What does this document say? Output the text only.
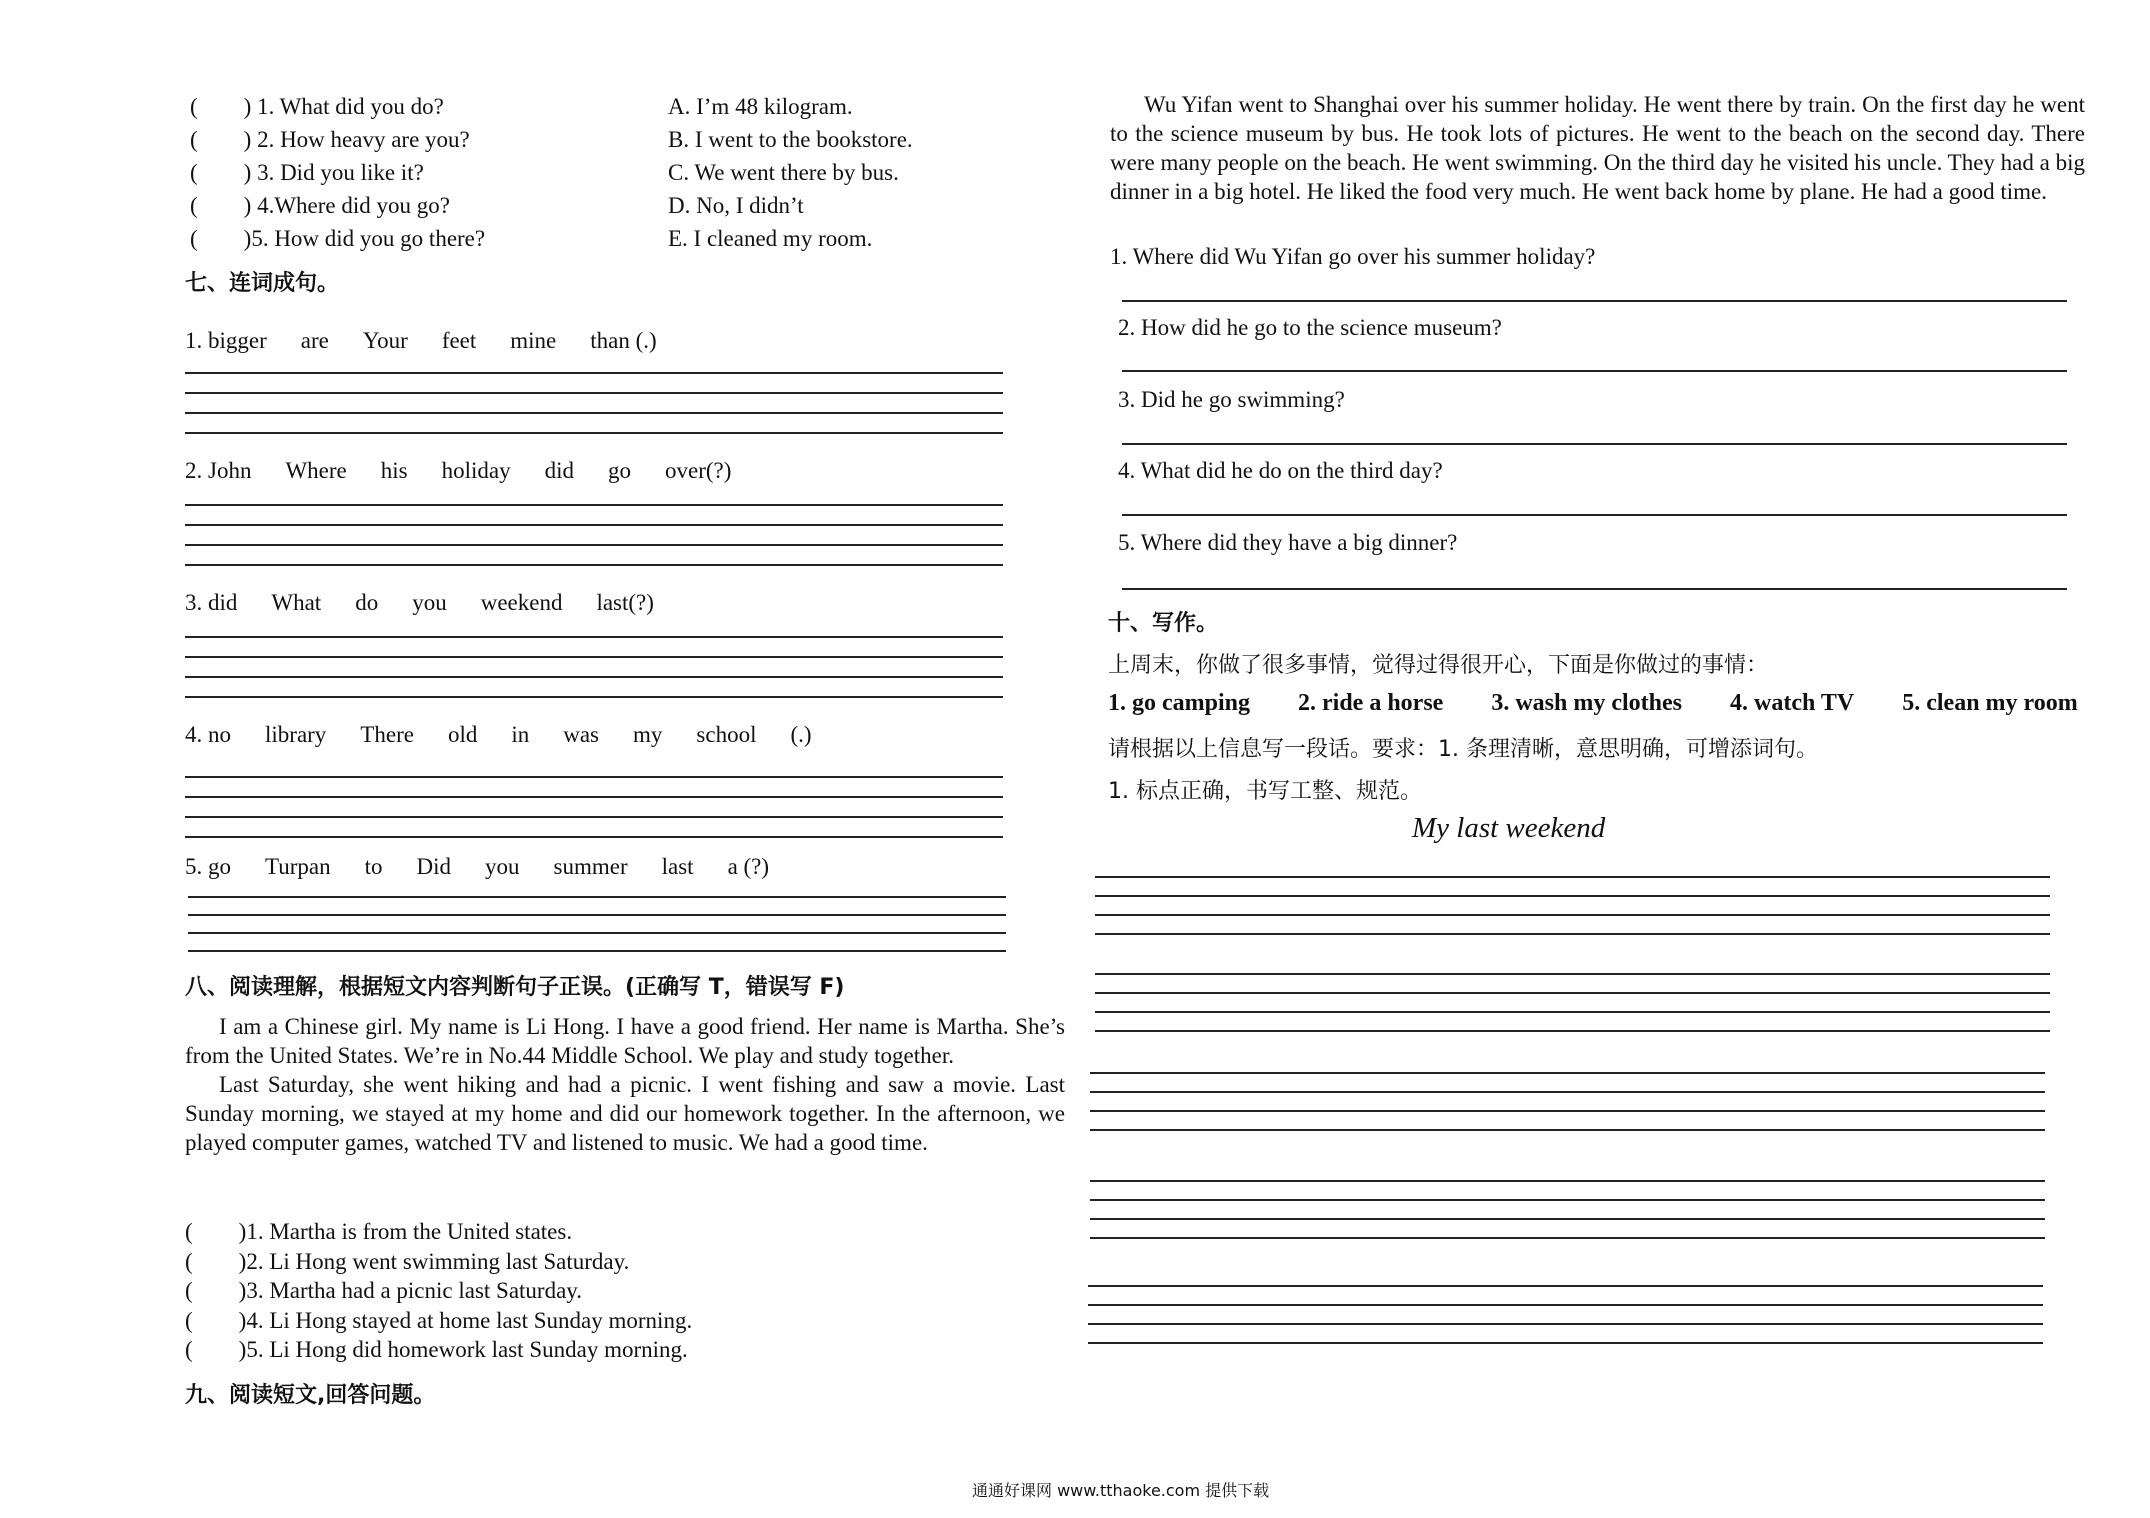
(　　) 1. What did you do?	A. I’m 48 kilogram.
(　　) 2. How heavy are you?	B. I went to the bookstore.
(　　) 3. Did you like it?	C. We went there by bus.
(　　) 4.Where did you go?	D. No, I didn’t
(　　)5. How did you go there?	E. I cleaned my room.
七、连词成句。
1. bigger are Your feet mine than (.)
2. John Where his holiday did go over(?)
3. did What do you weekend last(?)
4. no library There old in was my school (.)
5. go Turpan to Did you summer last a (?)
八、阅读理解，根据短文内容判断句子正误。(正确写 T，错误写 F)

I am a Chinese girl. My name is Li Hong. I have a good friend. Her name is Martha. She’s from the United States. We’re in No.44 Middle School. We play and study together.

Last Saturday, she went hiking and had a picnic. I went fishing and saw a movie. Last Sunday morning, we stayed at my home and did our homework together. In the afternoon, we played computer games, watched TV and listened to music. We had a good time.

(　　)1. Martha is from the United states.
(　　)2. Li Hong went swimming last Saturday.
(　　)3. Martha had a picnic last Saturday.
(　　)4. Li Hong stayed at home last Sunday morning.
(　　)5. Li Hong did homework last Sunday morning.
九、阅读短文,回答问题。

Wu Yifan went to Shanghai over his summer holiday. He went there by train. On the first day he went to the science museum by bus. He took lots of pictures. He went to the beach on the second day. There were many people on the beach. He went swimming. On the third day he visited his uncle. They had a big dinner in a big hotel. He liked the food very much. He went back home by plane. He had a good time.

1. Where did Wu Yifan go over his summer holiday?
2. How did he go to the science museum?
3. Did he go swimming?
4. What did he do on the third day?
5. Where did they have a big dinner?
十、写作。
上周末，你做了很多事情，觉得过得很开心，下面是你做过的事情：
1. go camping 2. ride a horse 3. wash my clothes 4. watch TV 5. clean my room
请根据以上信息写一段话。要求：1. 条理清晰，意思明确，可增添词句。
1. 标点正确，书写工整、规范。
My last weekend
通通好课网 www.tthaoke.com 提供下载
